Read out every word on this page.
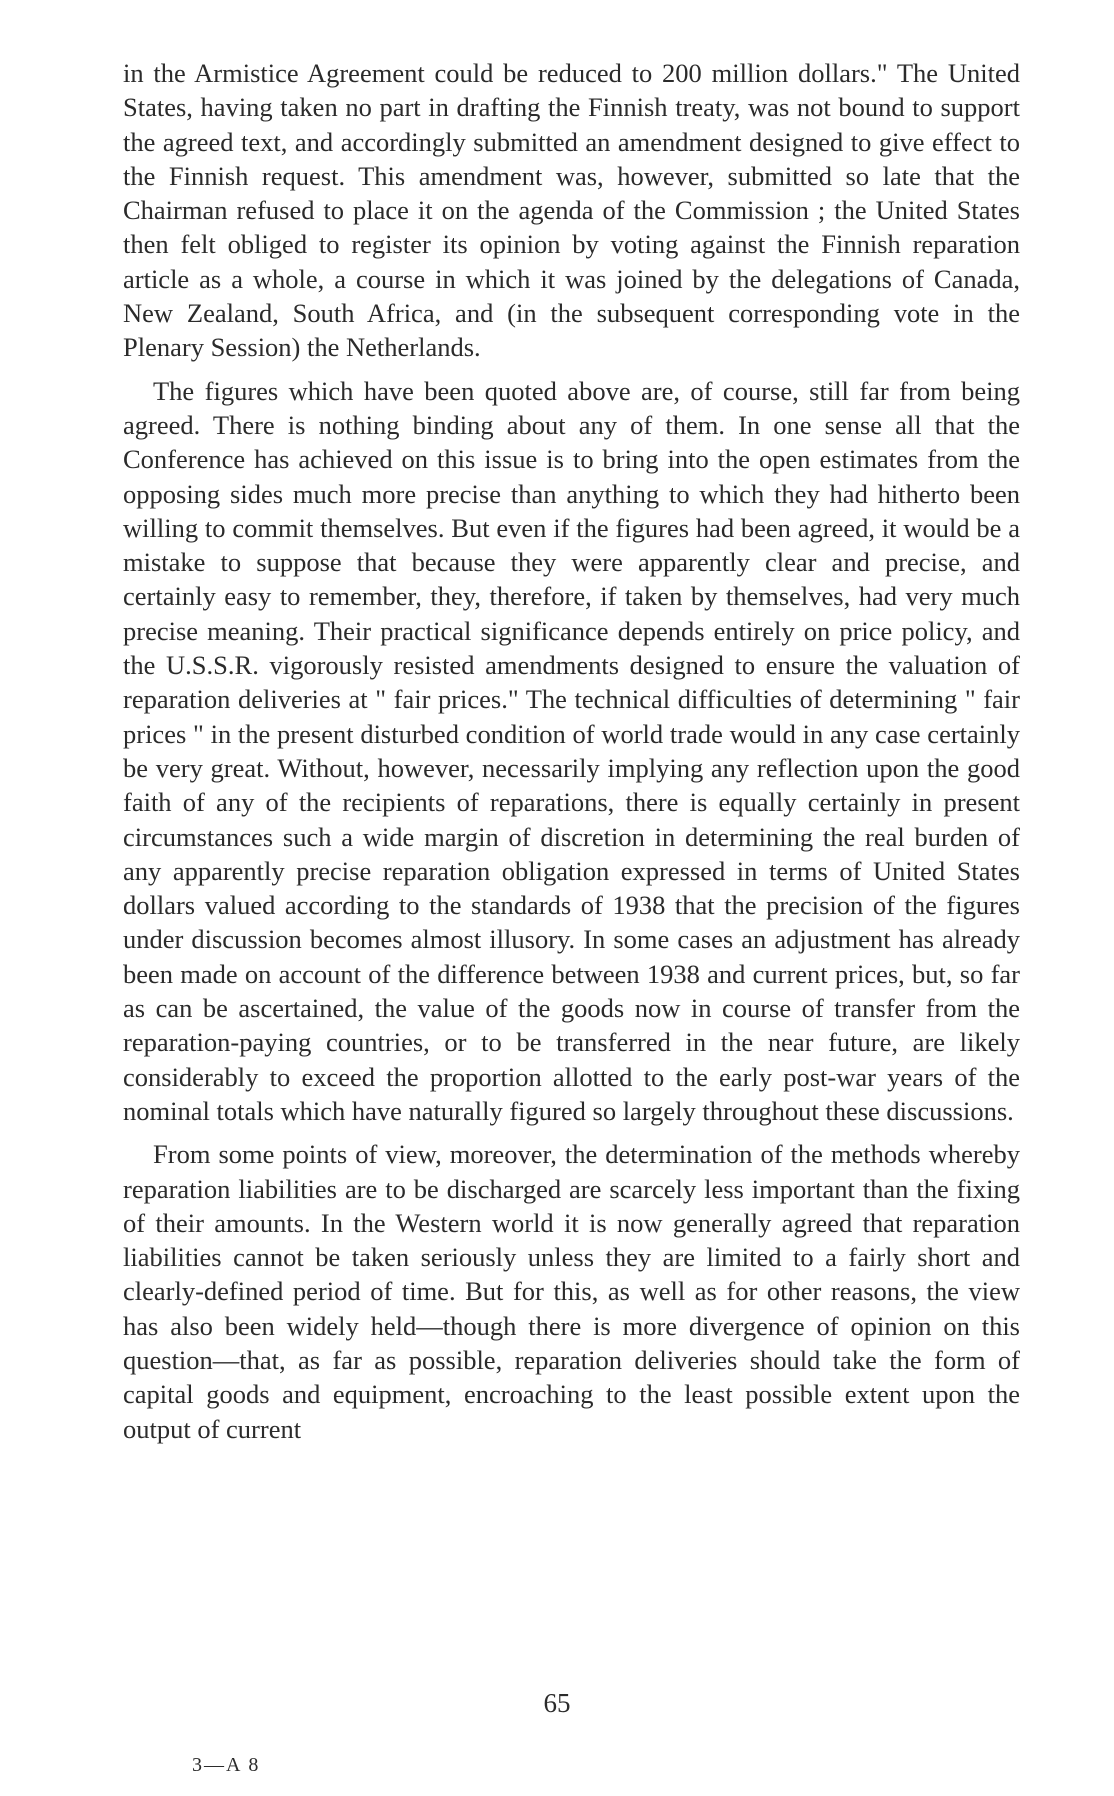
in the Armistice Agreement could be reduced to 200 million dollars." The United States, having taken no part in drafting the Finnish treaty, was not bound to support the agreed text, and accordingly submitted an amendment designed to give effect to the Finnish request. This amendment was, however, submitted so late that the Chairman refused to place it on the agenda of the Commission ; the United States then felt obliged to register its opinion by voting against the Finnish reparation article as a whole, a course in which it was joined by the delegations of Canada, New Zealand, South Africa, and (in the subsequent corresponding vote in the Plenary Session) the Netherlands.

The figures which have been quoted above are, of course, still far from being agreed. There is nothing binding about any of them. In one sense all that the Conference has achieved on this issue is to bring into the open estimates from the opposing sides much more precise than anything to which they had hitherto been willing to commit themselves. But even if the figures had been agreed, it would be a mistake to suppose that because they were apparently clear and precise, and certainly easy to remember, they, therefore, if taken by themselves, had very much precise meaning. Their practical significance depends entirely on price policy, and the U.S.S.R. vigorously resisted amendments designed to ensure the valuation of reparation deliveries at " fair prices." The technical difficulties of determining " fair prices " in the present disturbed condition of world trade would in any case certainly be very great. Without, however, necessarily implying any reflection upon the good faith of any of the recipients of reparations, there is equally certainly in present circumstances such a wide margin of discretion in determining the real burden of any apparently precise reparation obligation expressed in terms of United States dollars valued according to the standards of 1938 that the precision of the figures under discussion becomes almost illusory. In some cases an adjustment has already been made on account of the difference between 1938 and current prices, but, so far as can be ascertained, the value of the goods now in course of transfer from the reparation-paying countries, or to be transferred in the near future, are likely considerably to exceed the proportion allotted to the early post-war years of the nominal totals which have naturally figured so largely throughout these discussions.

From some points of view, moreover, the determination of the methods whereby reparation liabilities are to be discharged are scarcely less important than the fixing of their amounts. In the Western world it is now generally agreed that reparation liabilities cannot be taken seriously unless they are limited to a fairly short and clearly-defined period of time. But for this, as well as for other reasons, the view has also been widely held—though there is more divergence of opinion on this question—that, as far as possible, reparation deliveries should take the form of capital goods and equipment, encroaching to the least possible extent upon the output of current

65
3—A 8
